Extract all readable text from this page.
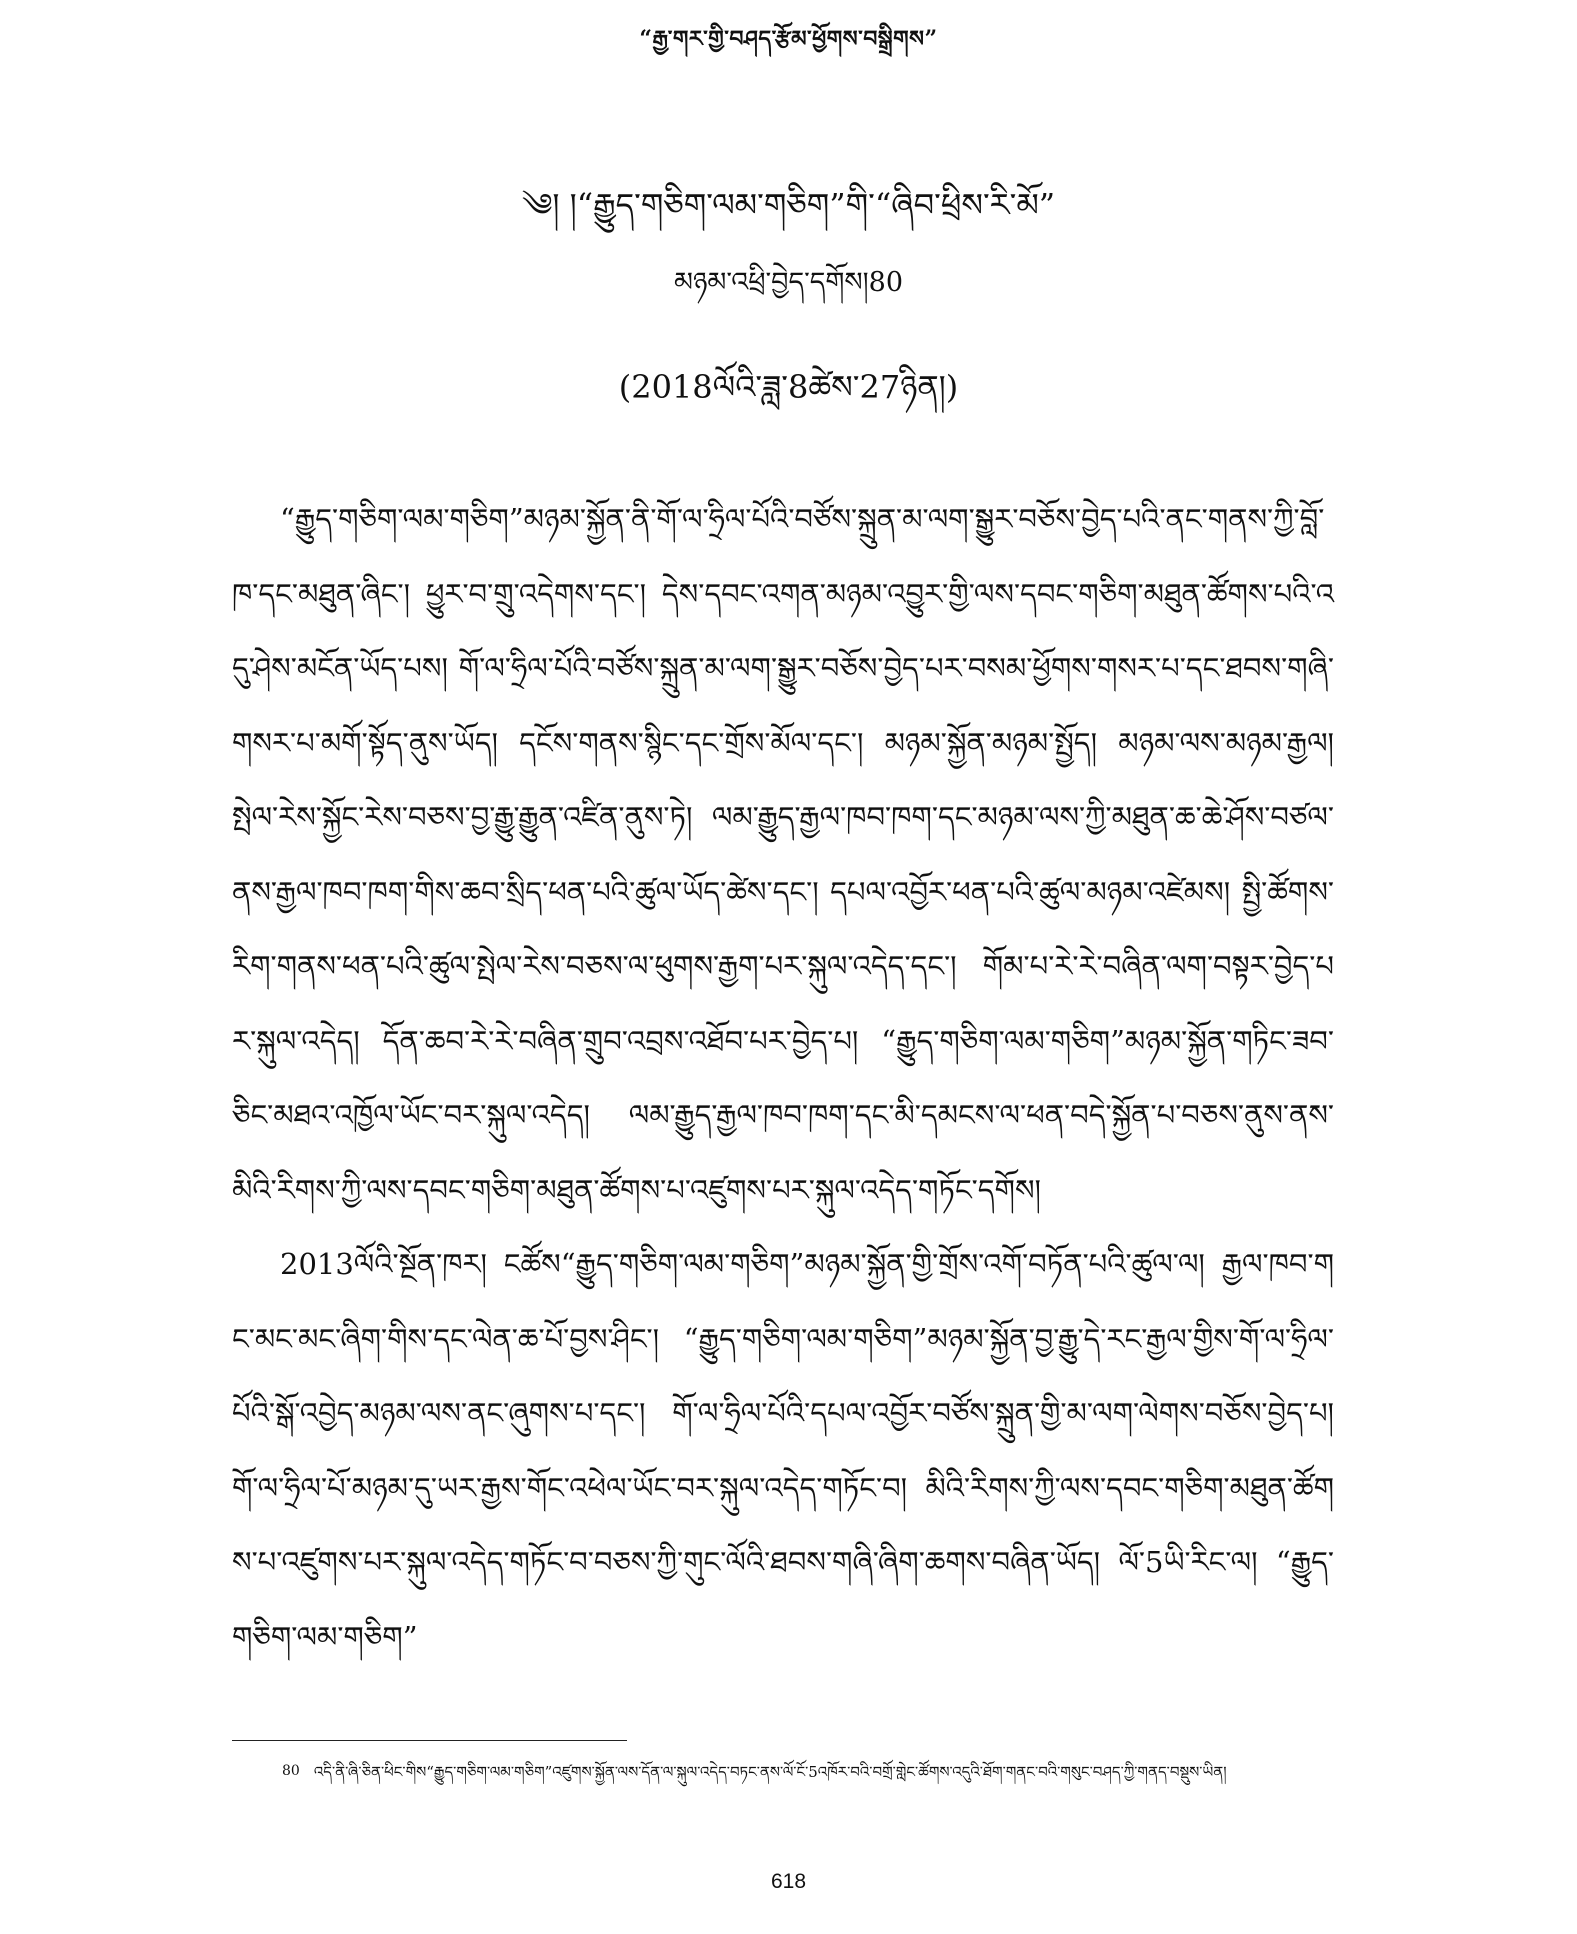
“རྒྱ་གར་གྱི་བཤད་རྩོམ་ཕྱོགས་བསྒྲིགས”
༄། །“རྒྱུད་གཅིག་ལམ་གཅིག”གི་“ཞིབ་ཕྲིས་རི་མོ”
མཉམ་འཕྲི་བྱེད་དགོས།80
(2018ལོའི་ཟླ་8ཚེས་27ཉིན།)

“རྒྱུད་གཅིག་ལམ་གཅིག”མཉམ་སྐྱོན་ནི་གོ་ལ་ཧྲིལ་པོའི་བཙོས་སྐྲུན་མ་ལག་སྒྱུར་བཅོས་བྱེད་པའི་ནང་གནས་ཀྱི་བློ་ཁ་དང་མཐུན་ཞིང་། ཕྱུར་བ་གྲུ་འདེགས་དང་། དེས་དབང་འགན་མཉམ་འབྱུར་གྱི་ལས་དབང་གཅིག་མཐུན་ཚོགས་པའི་འདུ་ཤེས་མངོན་ཡོད་པས། གོ་ལ་ཧྲིལ་པོའི་བཙོས་སྐྲུན་མ་ལག་སྒྱུར་བཅོས་བྱེད་པར་བསམ་ཕྱོགས་གསར་པ་དང་ཐབས་གཞི་གསར་པ་མགོ་སྟོད་ནུས་ཡོད། དངོས་གནས་སྙིང་དང་གྲོས་མོལ་དང་། མཉམ་སྐྱོན་མཉམ་སྤྱོད། མཉམ་ལས་མཉམ་རྒྱལ། སྤེལ་རེས་སྐྱོང་རེས་བཅས་བྱ་རྒྱུ་རྒྱུན་འཛིན་ནུས་ཏེ། ལམ་རྒྱུད་རྒྱལ་ཁབ་ཁག་དང་མཉམ་ལས་ཀྱི་མཐུན་ཆ་ཆེ་ཤོས་བཙལ་ནས་རྒྱལ་ཁབ་ཁག་གིས་ཆབ་སྲིད་ཕན་པའི་ཚུལ་ཡོད་ཚེས་དང་། དཔལ་འབྱོར་ཕན་པའི་ཚུལ་མཉམ་འཛེམས། སྤྱི་ཚོགས་རིག་གནས་ཕན་པའི་ཚུལ་སྤེལ་རེས་བཅས་ལ་ཕུགས་རྒྱག་པར་སྐུལ་འདེད་དང་། གོམ་པ་རེ་རེ་བཞིན་ལག་བསྟར་བྱེད་པར་སྐུལ་འདེད། དོན་ཆབ་རེ་རེ་བཞིན་གྲུབ་འབྲས་འཐོབ་པར་བྱེད་པ། “རྒྱུད་གཅིག་ལམ་གཅིག”མཉམ་སྐྱོན་གཏིང་ཟབ་ཅིང་མཐའ་འཁྱོལ་ཡོང་བར་སྐུལ་འདེད། ལམ་རྒྱུད་རྒྱལ་ཁབ་ཁག་དང་མི་དམངས་ལ་ཕན་བདེ་སྐྱོན་པ་བཅས་ནུས་ནས་མིའི་རིགས་ཀྱི་ལས་དབང་གཅིག་མཐུན་ཚོགས་པ་འཛུགས་པར་སྐུལ་འདེད་གཏོང་དགོས།

2013ལོའི་སྔོན་ཁར། ངཚོས“རྒྱུད་གཅིག་ལམ་གཅིག”མཉམ་སྐྱོན་གྱི་གྲོས་འགོ་བཏོན་པའི་ཚུལ་ལ། རྒྱལ་ཁབ་གང་མང་མང་ཞིག་གིས་དང་ལེན་ཆ་པོ་བྱས་ཤིང་། “རྒྱུད་གཅིག་ལམ་གཅིག”མཉམ་སྐྱོན་བྱ་རྒྱུ་དེ་རང་རྒྱལ་གྱིས་གོ་ལ་ཧྲིལ་པོའི་སྒོ་འབྱེད་མཉམ་ལས་ནང་ཞུགས་པ་དང་། གོ་ལ་ཧྲིལ་པོའི་དཔལ་འབྱོར་བཙོས་སྐྲུན་གྱི་མ་ལག་ལེགས་བཅོས་བྱེད་པ། གོ་ལ་ཧྲིལ་པོ་མཉམ་དུ་ཡར་རྒྱས་གོང་འཕེལ་ཡོང་བར་སྐུལ་འདེད་གཏོང་བ། མིའི་རིགས་ཀྱི་ལས་དབང་གཅིག་མཐུན་ཚོགས་པ་འཛུགས་པར་སྐུལ་འདེད་གཏོང་བ་བཅས་ཀྱི་གུང་ལོའི་ཐབས་གཞི་ཞིག་ཆགས་བཞིན་ཡོད། ལོ་5ཡི་རིང་ལ། “རྒྱུད་གཅིག་ལམ་གཅིག”

80 འདི་ནི་ཞི་ཅིན་ཕིང་གིས“རྒྱུད་གཅིག་ལམ་གཅིག”འཛུགས་སྐྱོན་ལས་དོན་ལ་སྐུལ་འདེད་བཏང་ནས་ལོ་ངོ་5འཁོར་བའི་བགྲོ་གླེང་ཚོགས་འདུའི་ཐོག་གནང་བའི་གསུང་བཤད་ཀྱི་གནད་བསྡུས་ཡིན།
618
